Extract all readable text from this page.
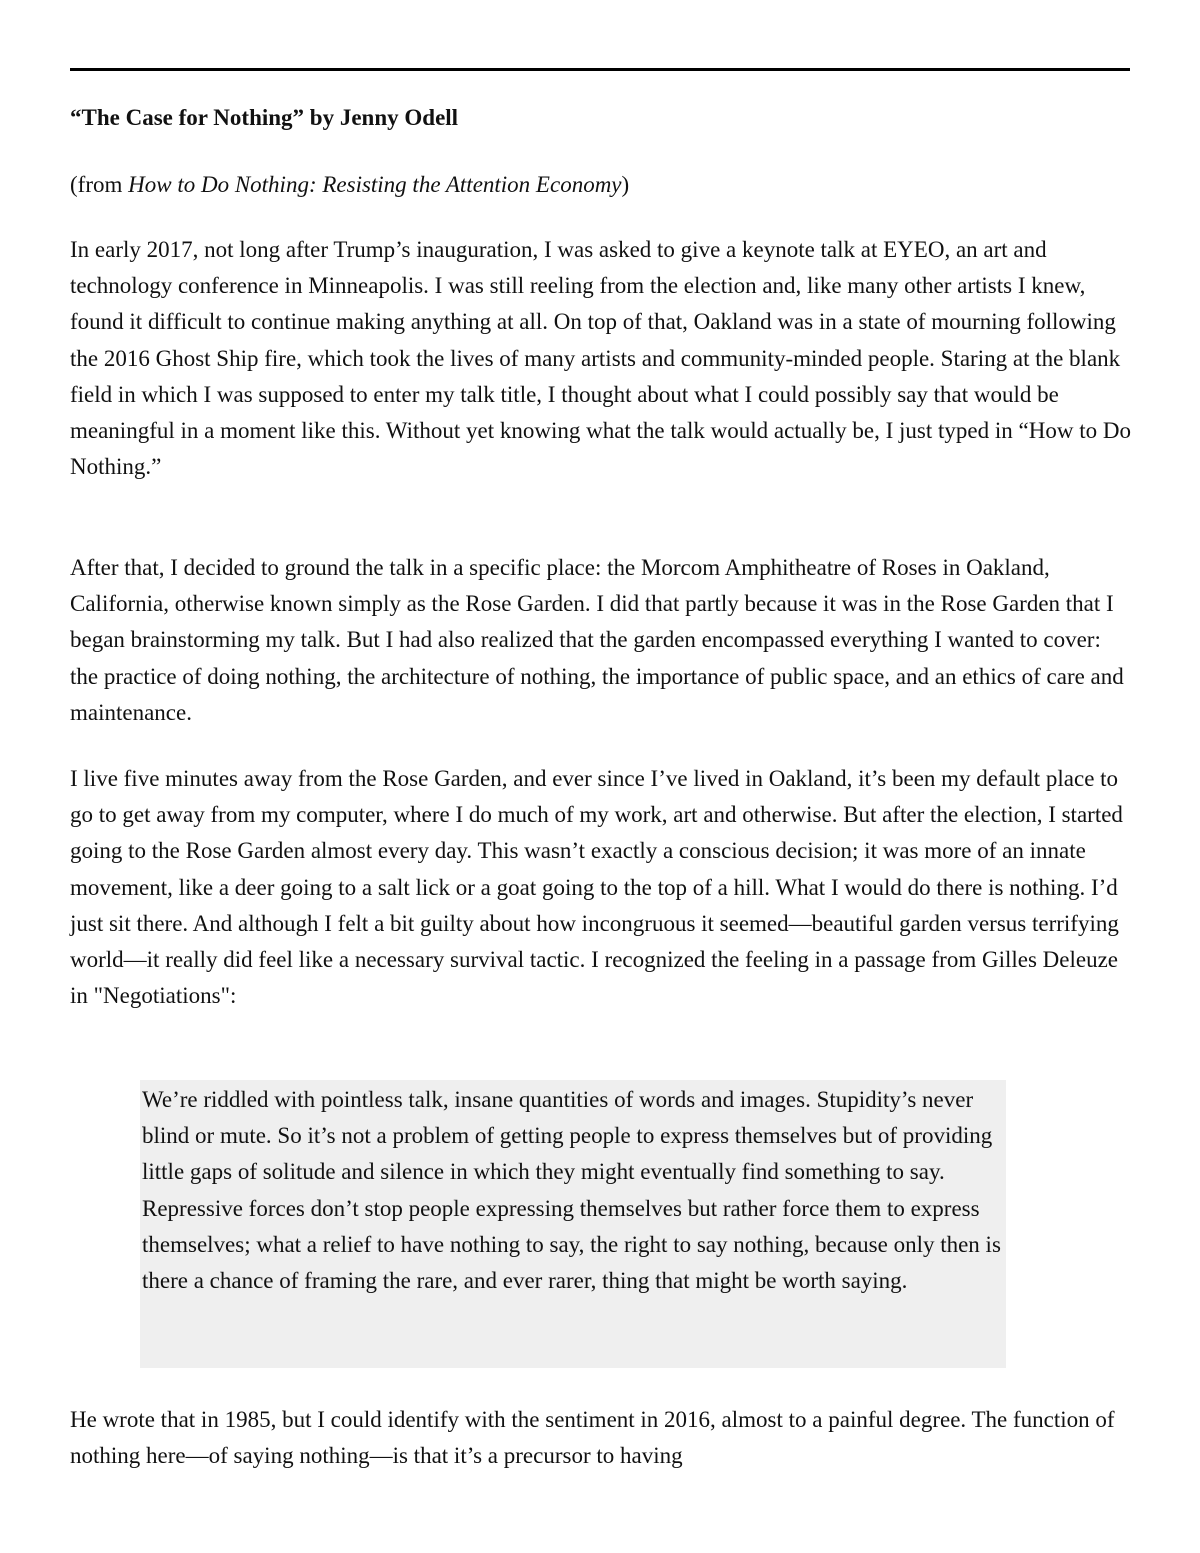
“The Case for Nothing” by Jenny Odell
(from How to Do Nothing: Resisting the Attention Economy)

In early 2017, not long after Trump’s inauguration, I was asked to give a keynote talk at EYEO, an art and technology conference in Minneapolis. I was still reeling from the election and, like many other artists I knew, found it difficult to continue making anything at all. On top of that, Oakland was in a state of mourning following the 2016 Ghost Ship fire, which took the lives of many artists and community-minded people. Staring at the blank field in which I was supposed to enter my talk title, I thought about what I could possibly say that would be meaningful in a moment like this. Without yet knowing what the talk would actually be, I just typed in “How to Do Nothing.”

After that, I decided to ground the talk in a specific place: the Morcom Amphitheatre of Roses in Oakland, California, otherwise known simply as the Rose Garden. I did that partly because it was in the Rose Garden that I began brainstorming my talk. But I had also realized that the garden encompassed everything I wanted to cover: the practice of doing nothing, the architecture of nothing, the importance of public space, and an ethics of care and maintenance.

I live five minutes away from the Rose Garden, and ever since I’ve lived in Oakland, it’s been my default place to go to get away from my computer, where I do much of my work, art and otherwise. But after the election, I started going to the Rose Garden almost every day. This wasn’t exactly a conscious decision; it was more of an innate movement, like a deer going to a salt lick or a goat going to the top of a hill. What I would do there is nothing. I’d just sit there. And although I felt a bit guilty about how incongruous it seemed—beautiful garden versus terrifying world—it really did feel like a necessary survival tactic. I recognized the feeling in a passage from Gilles Deleuze in "Negotiations":

We’re riddled with pointless talk, insane quantities of words and images. Stupidity’s never blind or mute. So it’s not a problem of getting people to express themselves but of providing little gaps of solitude and silence in which they might eventually find something to say. Repressive forces don’t stop people expressing themselves but rather force them to express themselves; what a relief to have nothing to say, the right to say nothing, because only then is there a chance of framing the rare, and ever rarer, thing that might be worth saying.

He wrote that in 1985, but I could identify with the sentiment in 2016, almost to a painful degree. The function of nothing here—of saying nothing—is that it’s a precursor to having
